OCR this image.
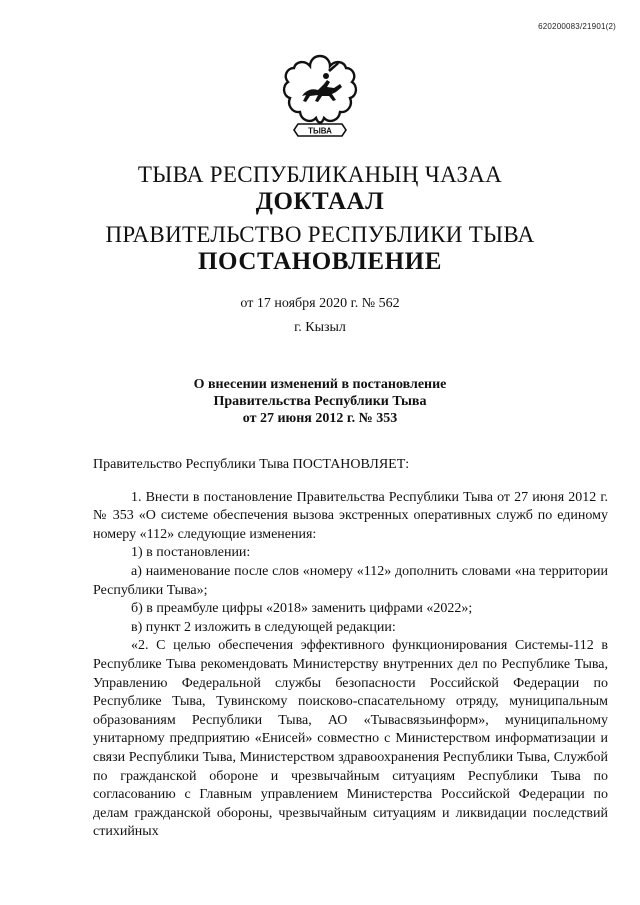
620200083/21901(2)
ТЫВА
ТЫВА РЕСПУБЛИКАНЫҢ ЧАЗАА
ДОКТААЛ
ПРАВИТЕЛЬСТВО РЕСПУБЛИКИ ТЫВА
ПОСТАНОВЛЕНИЕ
от 17 ноября 2020 г. № 562
г. Кызыл
О внесении изменений в постановление
Правительства Республики Тыва
от 27 июня 2012 г. № 353

Правительство Республики Тыва ПОСТАНОВЛЯЕТ:

1. Внести в постановление Правительства Республики Тыва от 27 июня 2012 г. № 353 «О системе обеспечения вызова экстренных оперативных служб по единому номеру «112» следующие изменения:

1) в постановлении:

а) наименование после слов «номеру «112» дополнить словами «на территории Республики Тыва»;

б) в преамбуле цифры «2018» заменить цифрами «2022»;

в) пункт 2 изложить в следующей редакции:

«2. С целью обеспечения эффективного функционирования Системы-112 в Республике Тыва рекомендовать Министерству внутренних дел по Республике Тыва, Управлению Федеральной службы безопасности Российской Федерации по Республике Тыва, Тувинскому поисково-спасательному отряду, муниципальным образованиям Республики Тыва, АО «Тывасвязьинформ», муниципальному унитарному предприятию «Енисей» совместно с Министерством информатизации и связи Республики Тыва, Министерством здравоохранения Республики Тыва, Службой по гражданской обороне и чрезвычайным ситуациям Республики Тыва по согласованию с Главным управлением Министерства Российской Федерации по делам гражданской обороны, чрезвычайным ситуациям и ликвидации последствий стихийных
